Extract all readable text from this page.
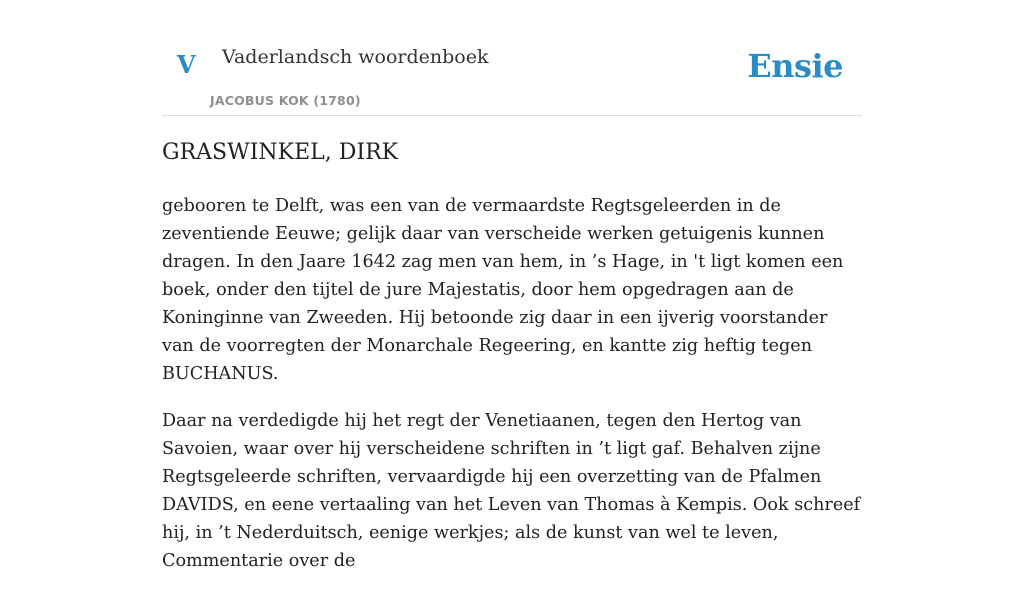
V Vaderlandsch woordenboek
JACOBUS KOK (1780)
Ensie
GRASWINKEL, DIRK

gebooren te Delft, was een van de vermaardste Regtsgeleerden in de zeventiende Eeuwe; gelijk daar van verscheide werken getuigenis kunnen dragen. In den Jaare 1642 zag men van hem, in ’s Hage, in 't ligt komen een boek, onder den tijtel de jure Majestatis, door hem opgedragen aan de Koninginne van Zweeden. Hij betoonde zig daar in een ijverig voorstander van de voorregten der Monarchale Regeering, en kantte zig heftig tegen BUCHANUS.

Daar na verdedigde hij het regt der Venetiaanen, tegen den Hertog van Savoien, waar over hij verscheidene schriften in ’t ligt gaf. Behalven zijne Regtsgeleerde schriften, vervaardigde hij een overzetting van de Pfalmen DAVIDS, en eene vertaaling van het Leven van Thomas à Kempis. Ook schreef hij, in ’t Nederduitsch, eenige werkjes; als de kunst van wel te leven, Commentarie over de
